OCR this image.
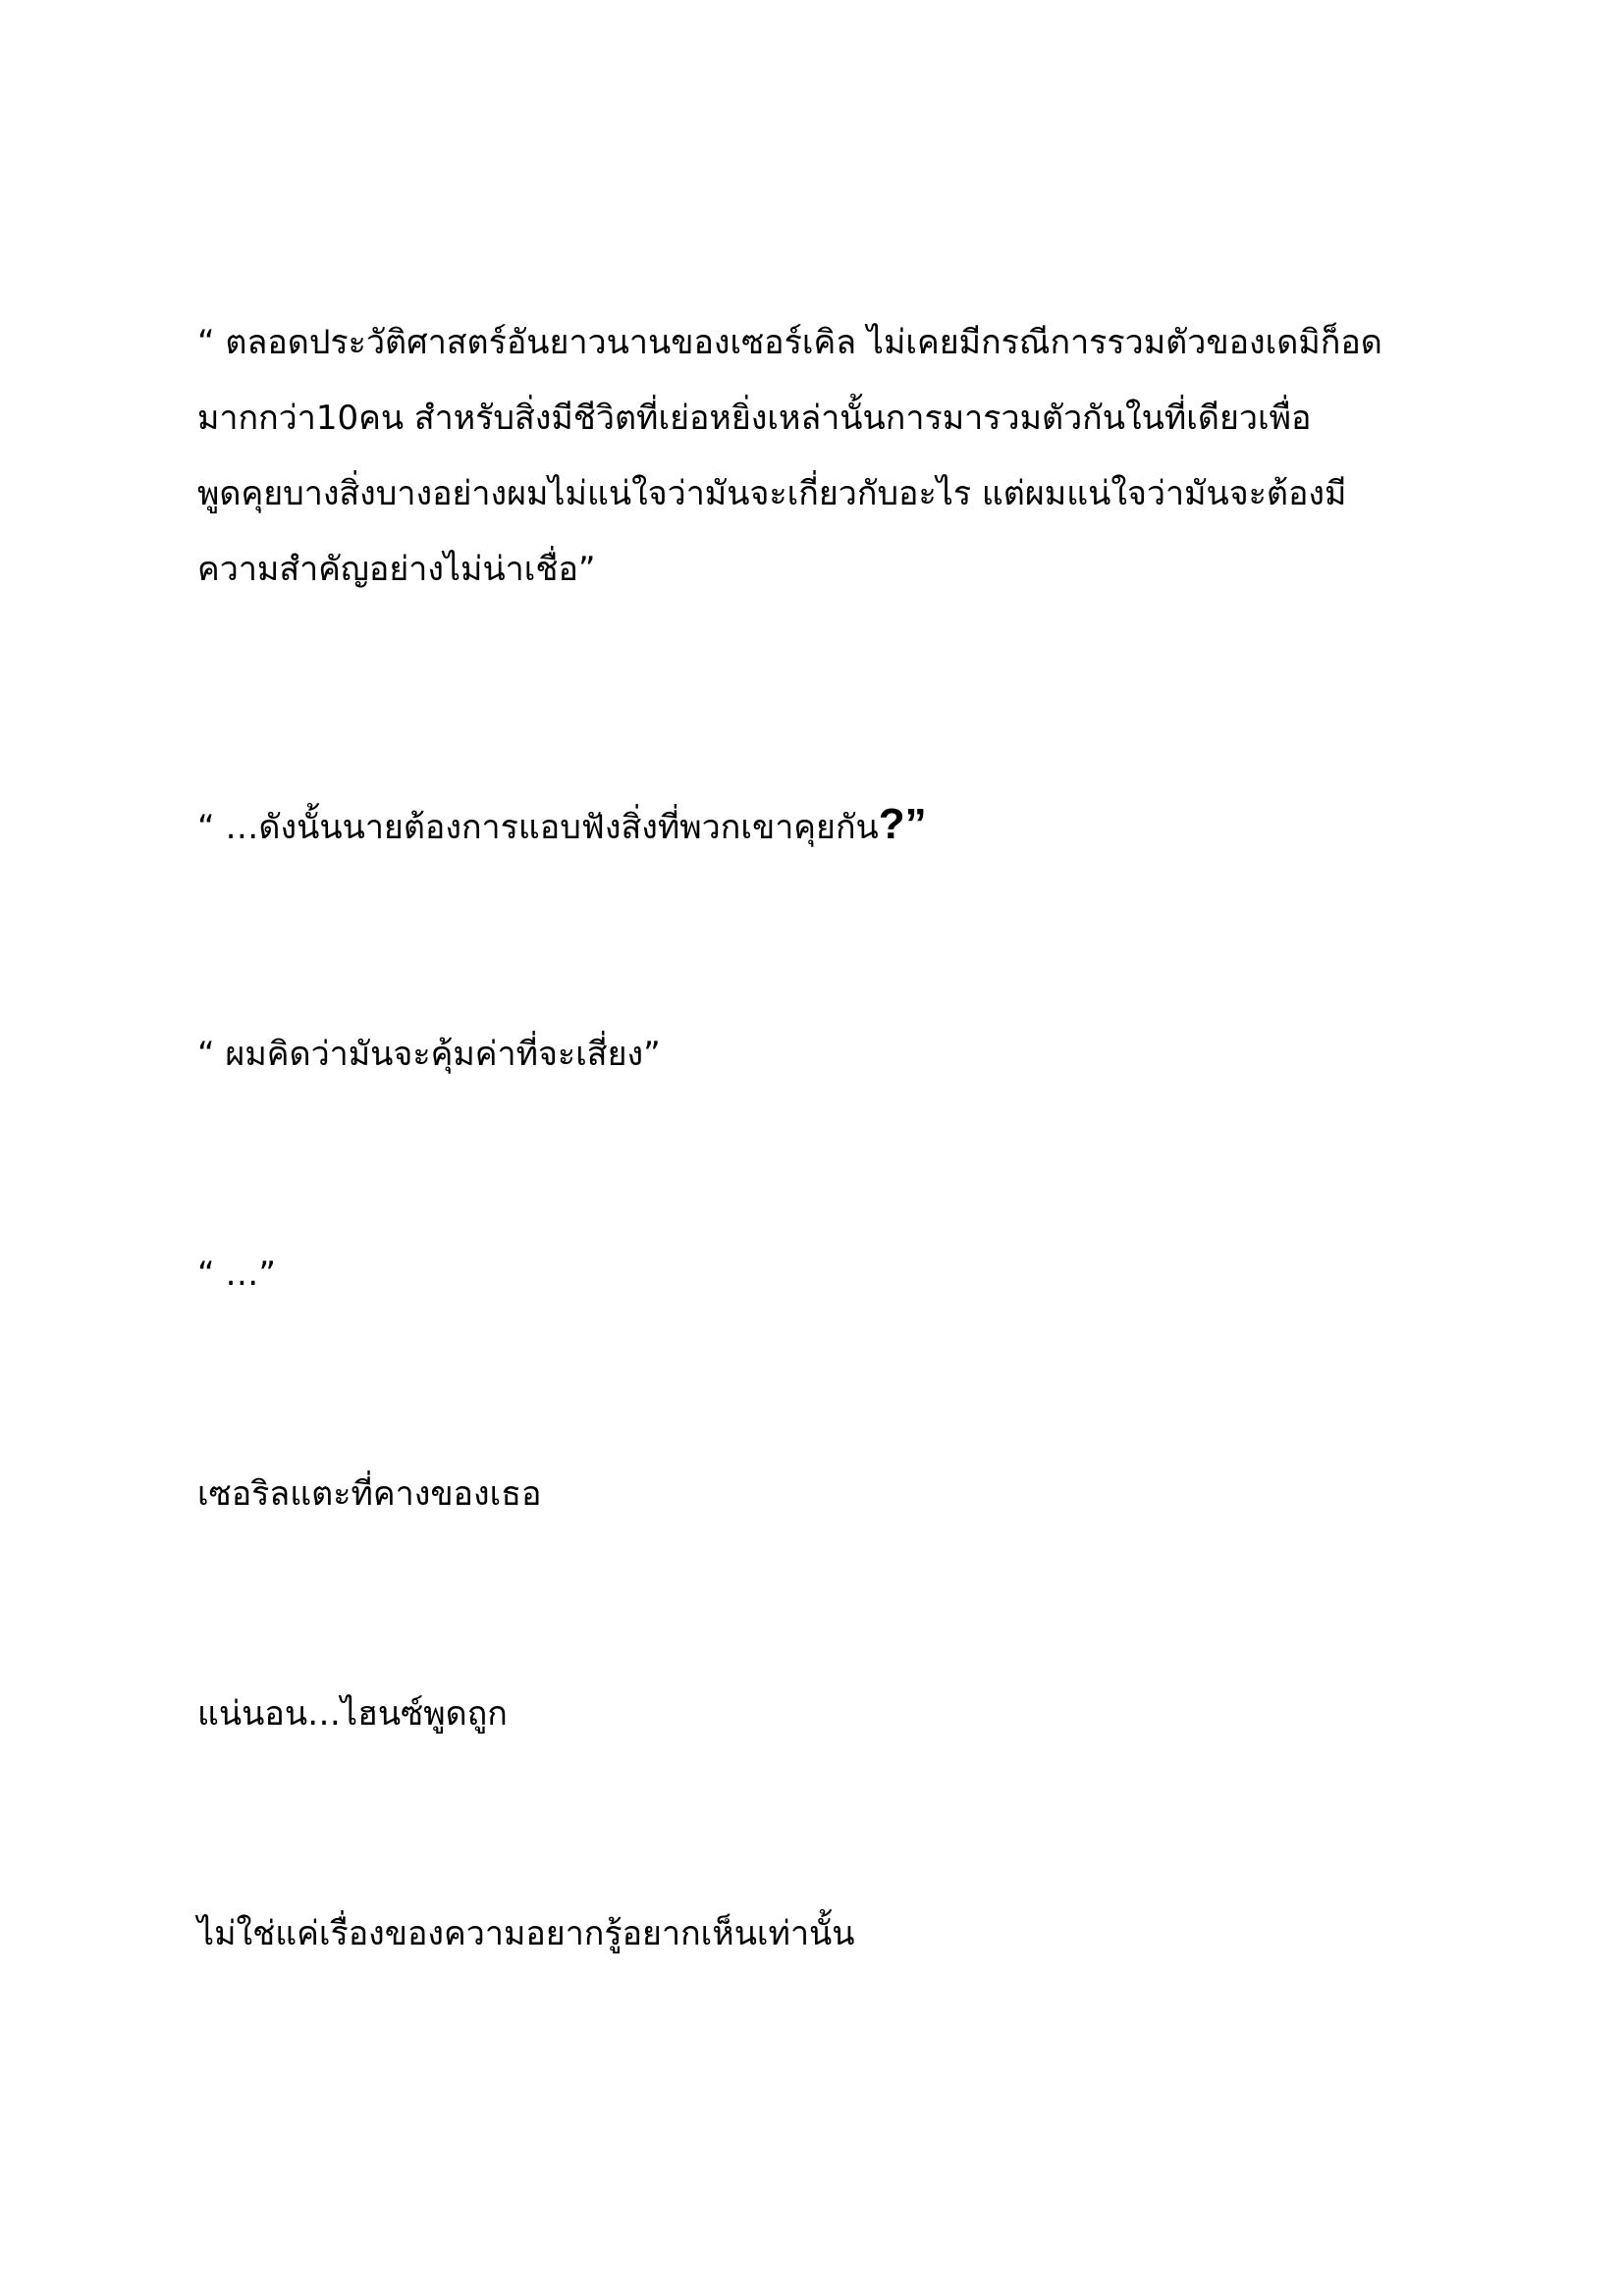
“ ตลอดประวัติศาสตร์อันยาวนานของเซอร์เคิล ไม่เคยมีกรณีการรวมตัวของเดมิก็อด
มากกว่า10คน สำหรับสิ่งมีชีวิตที่เย่อหยิ่งเหล่านั้นการมารวมตัวกันในที่เดียวเพื่อ
พูดคุยบางสิ่งบางอย่างผมไม่แน่ใจว่ามันจะเกี่ยวกับอะไร แต่ผมแน่ใจว่ามันจะต้องมี
ความสำคัญอย่างไม่น่าเชื่อ”

“ …ดังนั้นนายต้องการแอบฟังสิ่งที่พวกเขาคุยกัน?”

“ ผมคิดว่ามันจะคุ้มค่าที่จะเสี่ยง”

“ …”

เซอริลแตะที่คางของเธอ

แน่นอน…ไฮนซ์พูดถูก

ไม่ใช่แค่เรื่องของความอยากรู้อยากเห็นเท่านั้น
